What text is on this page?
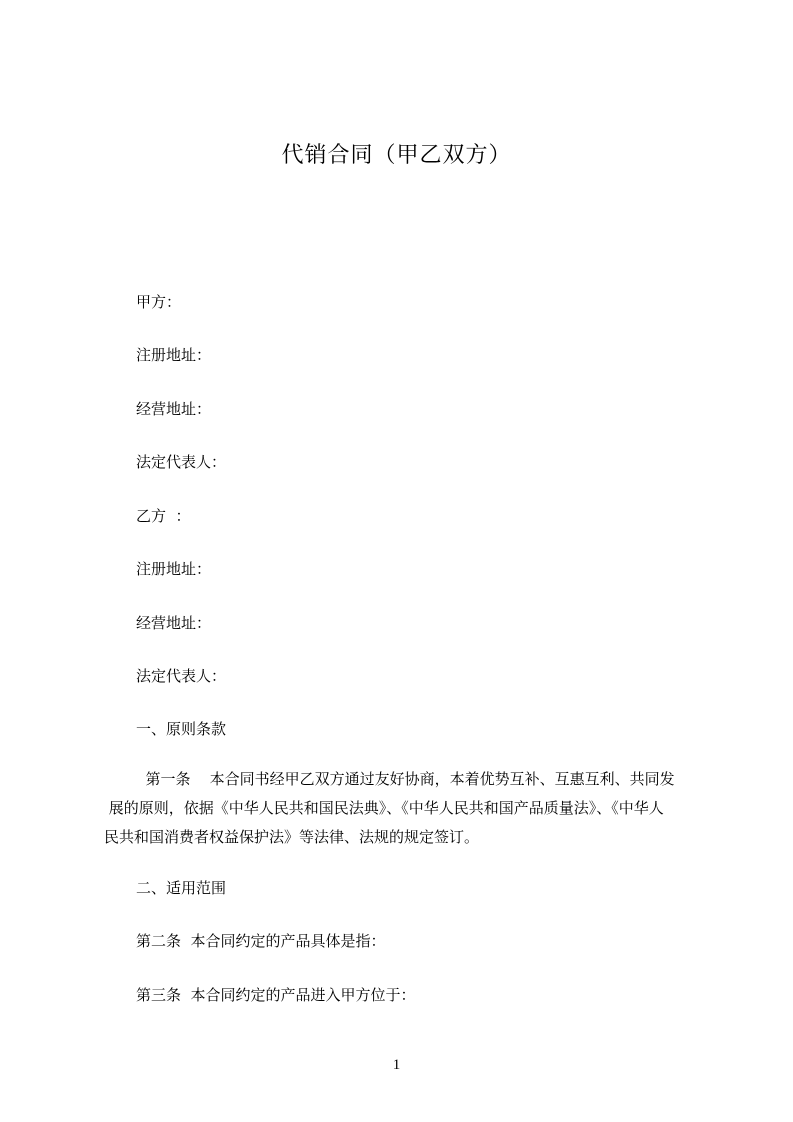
代销合同（甲乙双方）
甲方：
注册地址：
经营地址：
法定代表人：
乙方  ：
注册地址：
经营地址：
法定代表人：
一、原则条款
第一条    本合同书经甲乙双方通过友好协商，本着优势互补、互惠互利、共同发
展的原则，依据《中华人民共和国民法典》、《中华人民共和国产品质量法》、《中华人
民共和国消费者权益保护法》等法律、法规的规定签订。
二、适用范围
第二条  本合同约定的产品具体是指：
第三条  本合同约定的产品进入甲方位于：
1
